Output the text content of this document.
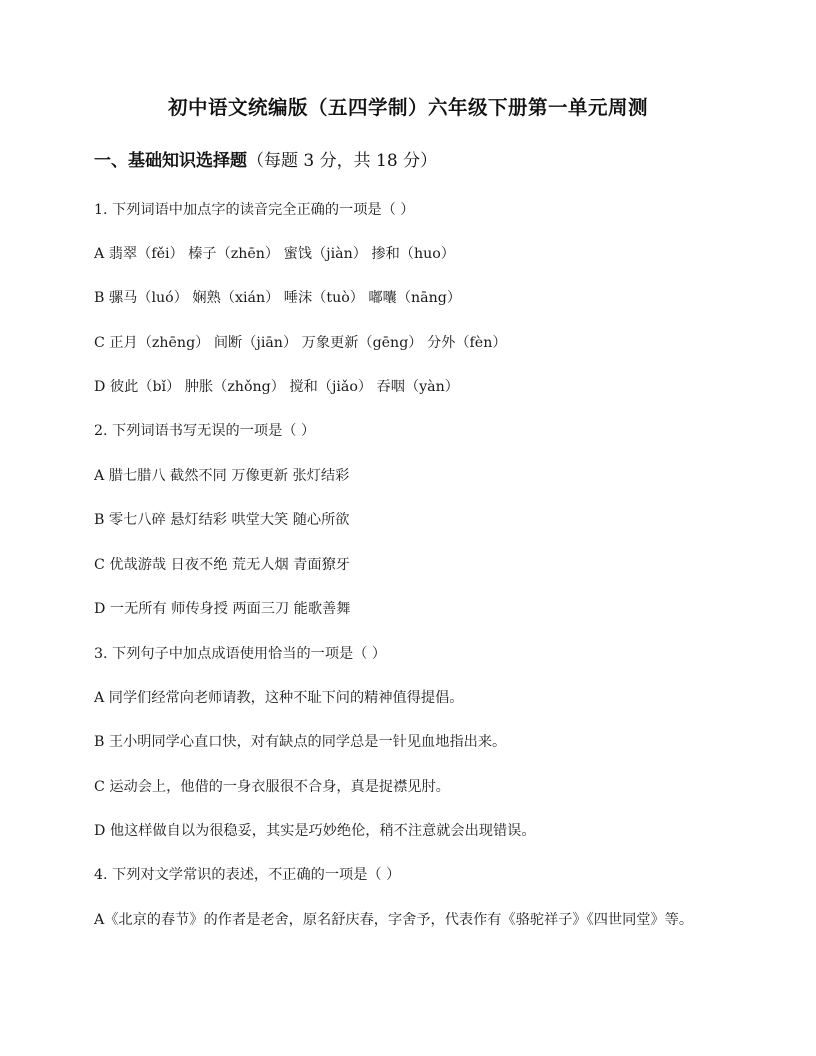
初中语文统编版（五四学制）六年级下册第一单元周测
一、基础知识选择题（每题 3 分，共 18 分）
1. 下列词语中加点字的读音完全正确的一项是（ ）
A 翡翠（fěi） 榛子（zhēn） 蜜饯（jiàn） 掺和（huo）
B 骡马（luó） 娴熟（xián） 唾沫（tuò） 嘟囔（nāng）
C 正月（zhēng） 间断（jiān） 万象更新（gēng） 分外（fèn）
D 彼此（bǐ） 肿胀（zhǒng） 搅和（jiǎo） 吞咽（yàn）
2. 下列词语书写无误的一项是（ ）
A 腊七腊八 截然不同 万像更新 张灯结彩
B 零七八碎 悬灯结彩 哄堂大笑 随心所欲
C 优哉游哉 日夜不绝 荒无人烟 青面獠牙
D 一无所有 师传身授 两面三刀 能歌善舞
3. 下列句子中加点成语使用恰当的一项是（ ）
A 同学们经常向老师请教，这种不耻下问的精神值得提倡。
B 王小明同学心直口快，对有缺点的同学总是一针见血地指出来。
C 运动会上，他借的一身衣服很不合身，真是捉襟见肘。
D 他这样做自以为很稳妥，其实是巧妙绝伦，稍不注意就会出现错误。
4. 下列对文学常识的表述，不正确的一项是（ ）
A《北京的春节》的作者是老舍，原名舒庆春，字舍予，代表作有《骆驼祥子》《四世同堂》等。
